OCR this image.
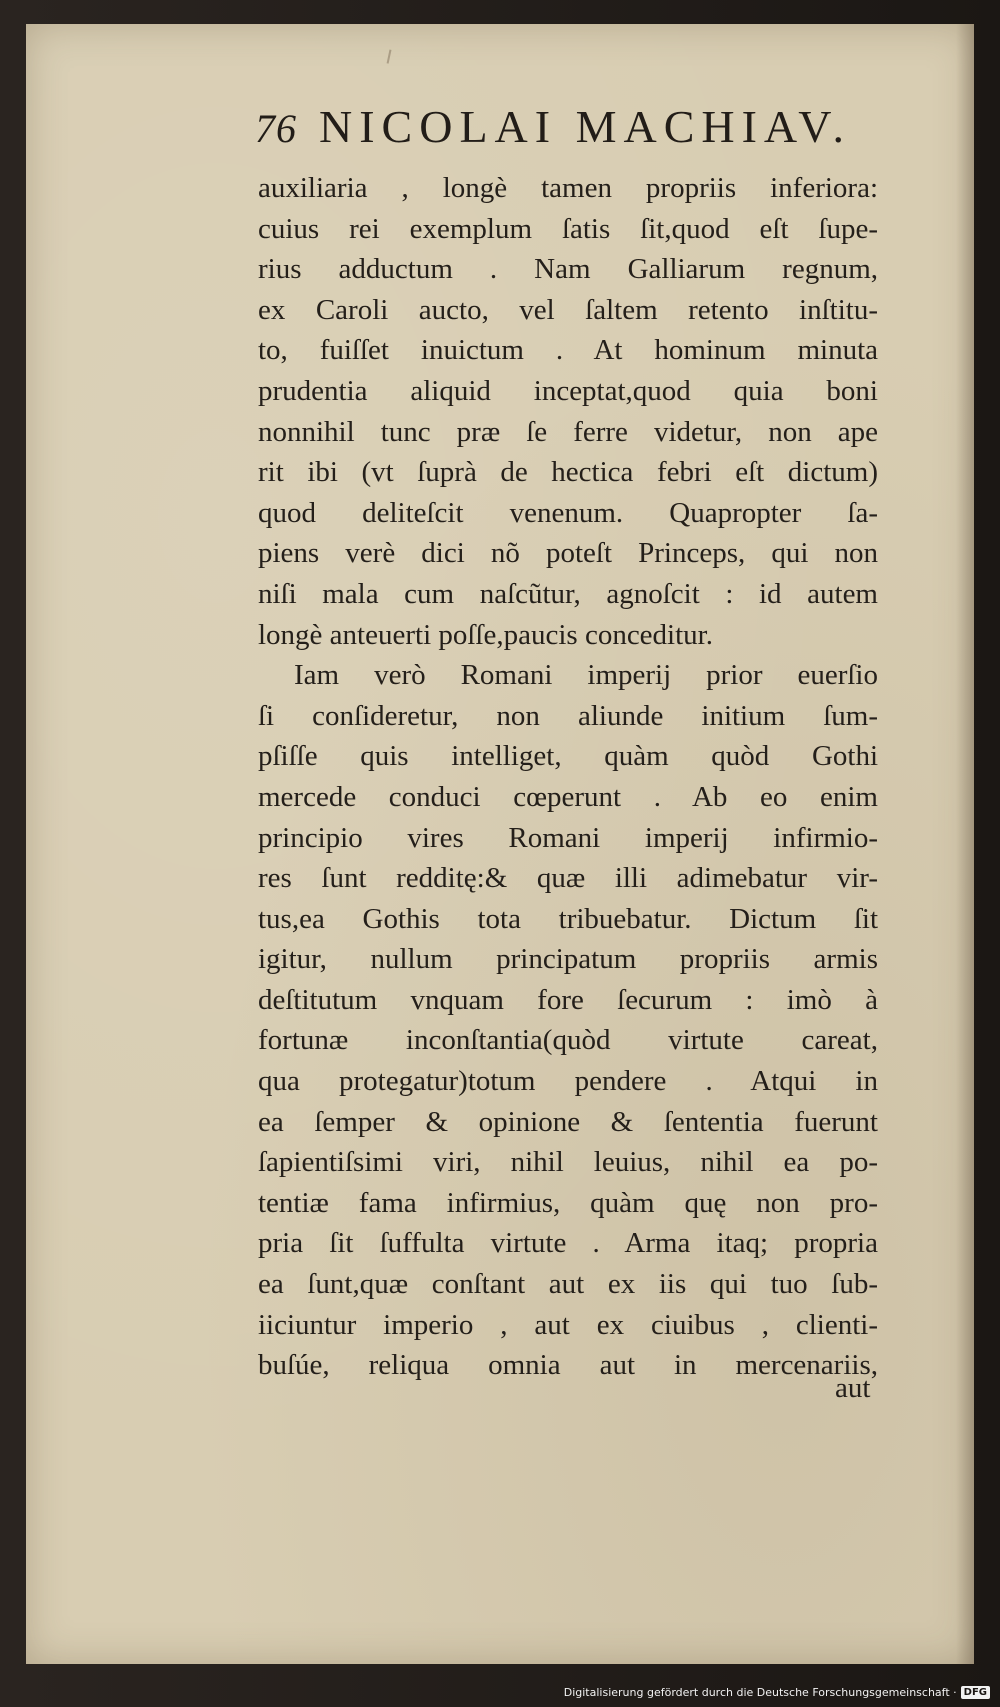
76 NICOLAI MACHIAV.
auxiliaria , longè tamen propriis inferiora:
cuius rei exemplum ſatis ſit,quod eſt ſupe-
rius adductum . Nam Galliarum regnum,
ex Caroli aucto, vel ſaltem retento inſtitu-
to, fuiſſet inuictum . At hominum minuta
prudentia aliquid inceptat,quod quia boni
nonnihil tunc præ ſe ferre videtur, non ape
rit ibi (vt ſuprà de hectica febri eſt dictum)
quod deliteſcit venenum. Quapropter ſa-
piens verè dici nõ poteſt Princeps, qui non
niſi mala cum naſcũtur, agnoſcit : id autem
longè anteuerti poſſe,paucis conceditur.
Iam verò Romani imperij prior euerſio
ſi conſideretur, non aliunde initium ſum-
pſiſſe quis intelliget, quàm quòd Gothi
mercede conduci cœperunt . Ab eo enim
principio vires Romani imperij infirmio-
res ſunt redditę:& quæ illi adimebatur vir-
tus,ea Gothis tota tribuebatur. Dictum ſit
igitur, nullum principatum propriis armis
deſtitutum vnquam fore ſecurum : imò à
fortunæ inconſtantia(quòd virtute careat,
qua protegatur)totum pendere . Atqui in
ea ſemper & opinione & ſententia fuerunt
ſapientiſsimi viri, nihil leuius, nihil ea po-
tentiæ fama infirmius, quàm quę non pro-
pria ſit ſuffulta virtute . Arma itaq; propria
ea ſunt,quæ conſtant aut ex iis qui tuo ſub-
iiciuntur imperio , aut ex ciuibus , clienti-
buſúe, reliqua omnia aut in mercenariis,
aut
Digitalisierung gefördert durch die Deutsche Forschungsgemeinschaft · DFG
